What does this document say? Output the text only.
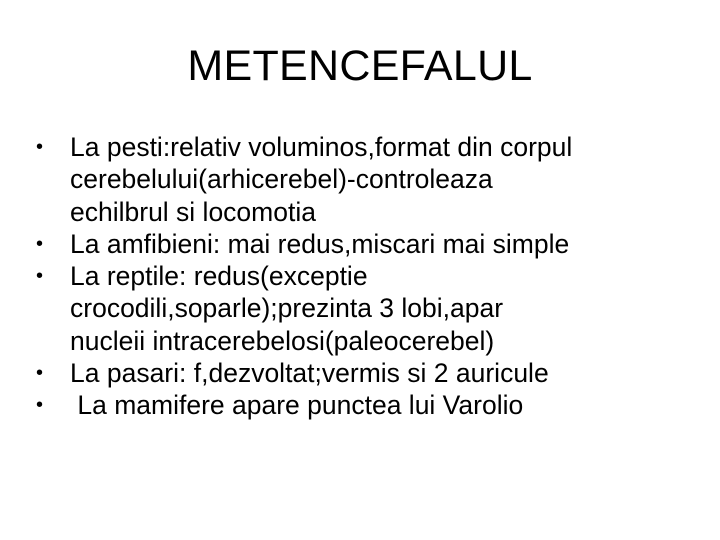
METENCEFALUL
•	La pesti:relativ voluminos,format din corpul
cerebelului(arhicerebel)-controleaza
echilbrul si locomotia
•	La amfibieni: mai redus,miscari mai simple
•	La reptile: redus(exceptie
crocodili,soparle);prezinta 3 lobi,apar
nucleii intracerebelosi(paleocerebel)
•	La pasari: f,dezvoltat;vermis si 2 auricule
•	La mamifere apare punctea lui Varolio
